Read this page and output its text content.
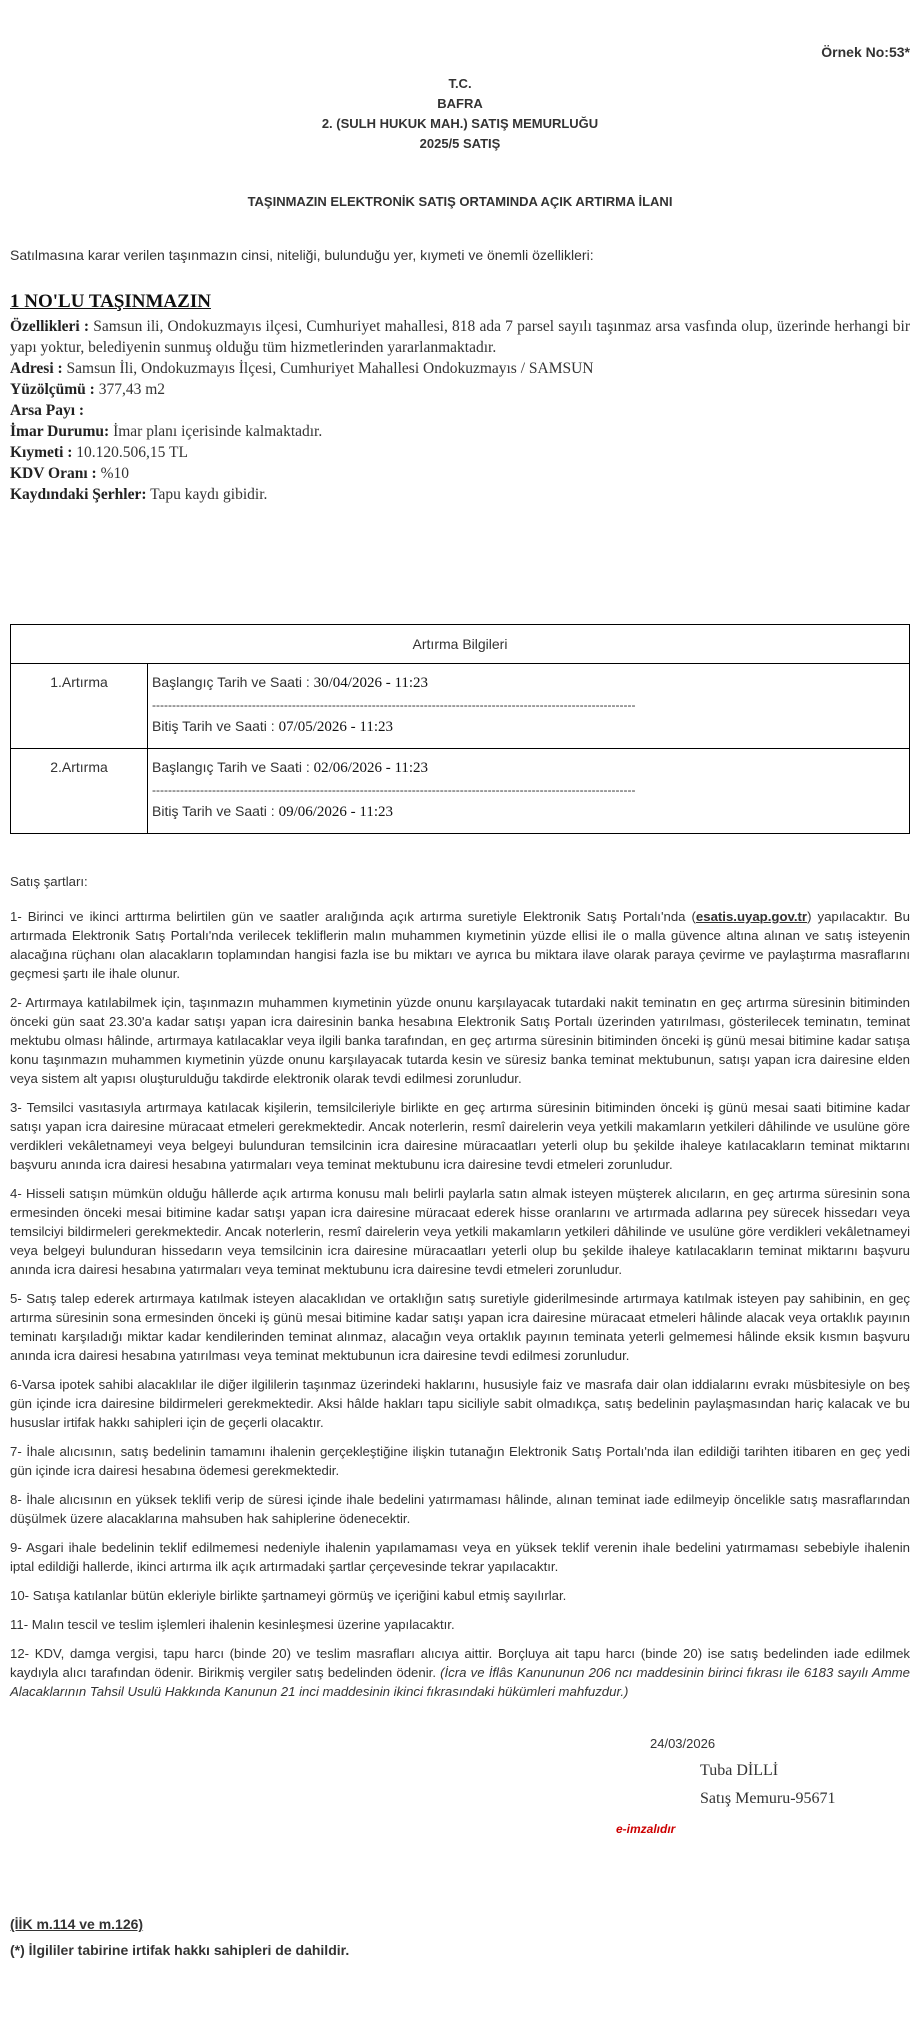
Örnek No:53*
T.C.
BAFRA
2. (SULH HUKUK MAH.) SATIŞ MEMURLUĞU
2025/5 SATIŞ
TAŞINMAZIN ELEKTRONİK SATIŞ ORTAMINDA AÇIK ARTIRMA İLANI
Satılmasına karar verilen taşınmazın cinsi, niteliği, bulunduğu yer, kıymeti ve önemli özellikleri:
1 NO'LU TAŞINMAZIN
Özellikleri : Samsun ili, Ondokuzmayıs ilçesi, Cumhuriyet mahallesi, 818 ada 7 parsel sayılı taşınmaz arsa vasfında olup, üzerinde herhangi bir yapı yoktur, belediyenin sunmuş olduğu tüm hizmetlerinden yararlanmaktadır.
Adresi : Samsun İli, Ondokuzmayıs İlçesi, Cumhuriyet Mahallesi Ondokuzmayıs / SAMSUN
Yüzölçümü : 377,43 m2
Arsa Payı :
İmar Durumu: İmar planı içerisinde kalmaktadır.
Kıymeti : 10.120.506,15 TL
KDV Oranı : %10
Kaydındaki Şerhler: Tapu kaydı gibidir.
Artırma Bilgileri	
1.Artırma	Başlangıç Tarih ve Saati : 30/04/2026 - 11:23
-------------------------------------------------------------------------------------------------------------------------
Bitiş Tarih ve Saati : 07/05/2026 - 11:23

2.Artırma	Başlangıç Tarih ve Saati : 02/06/2026 - 11:23
-------------------------------------------------------------------------------------------------------------------------
Bitiş Tarih ve Saati : 09/06/2026 - 11:23

Satış şartları:

1- Birinci ve ikinci arttırma belirtilen gün ve saatler aralığında açık artırma suretiyle Elektronik Satış Portalı'nda (esatis.uyap.gov.tr) yapılacaktır. Bu artırmada Elektronik Satış Portalı'nda verilecek tekliflerin malın muhammen kıymetinin yüzde ellisi ile o malla güvence altına alınan ve satış isteyenin alacağına rüçhanı olan alacakların toplamından hangisi fazla ise bu miktarı ve ayrıca bu miktara ilave olarak paraya çevirme ve paylaştırma masraflarını geçmesi şartı ile ihale olunur.

2- Artırmaya katılabilmek için, taşınmazın muhammen kıymetinin yüzde onunu karşılayacak tutardaki nakit teminatın en geç artırma süresinin bitiminden önceki gün saat 23.30'a kadar satışı yapan icra dairesinin banka hesabına Elektronik Satış Portalı üzerinden yatırılması, gösterilecek teminatın, teminat mektubu olması hâlinde, artırmaya katılacaklar veya ilgili banka tarafından, en geç artırma süresinin bitiminden önceki iş günü mesai bitimine kadar satışa konu taşınmazın muhammen kıymetinin yüzde onunu karşılayacak tutarda kesin ve süresiz banka teminat mektubunun, satışı yapan icra dairesine elden veya sistem alt yapısı oluşturulduğu takdirde elektronik olarak tevdi edilmesi zorunludur.

3- Temsilci vasıtasıyla artırmaya katılacak kişilerin, temsilcileriyle birlikte en geç artırma süresinin bitiminden önceki iş günü mesai saati bitimine kadar satışı yapan icra dairesine müracaat etmeleri gerekmektedir. Ancak noterlerin, resmî dairelerin veya yetkili makamların yetkileri dâhilinde ve usulüne göre verdikleri vekâletnameyi veya belgeyi bulunduran temsilcinin icra dairesine müracaatları yeterli olup bu şekilde ihaleye katılacakların teminat miktarını başvuru anında icra dairesi hesabına yatırmaları veya teminat mektubunu icra dairesine tevdi etmeleri zorunludur.

4- Hisseli satışın mümkün olduğu hâllerde açık artırma konusu malı belirli paylarla satın almak isteyen müşterek alıcıların, en geç artırma süresinin sona ermesinden önceki mesai bitimine kadar satışı yapan icra dairesine müracaat ederek hisse oranlarını ve artırmada adlarına pey sürecek hissedarı veya temsilciyi bildirmeleri gerekmektedir. Ancak noterlerin, resmî dairelerin veya yetkili makamların yetkileri dâhilinde ve usulüne göre verdikleri vekâletnameyi veya belgeyi bulunduran hissedarın veya temsilcinin icra dairesine müracaatları yeterli olup bu şekilde ihaleye katılacakların teminat miktarını başvuru anında icra dairesi hesabına yatırmaları veya teminat mektubunu icra dairesine tevdi etmeleri zorunludur.

5- Satış talep ederek artırmaya katılmak isteyen alacaklıdan ve ortaklığın satış suretiyle giderilmesinde artırmaya katılmak isteyen pay sahibinin, en geç artırma süresinin sona ermesinden önceki iş günü mesai bitimine kadar satışı yapan icra dairesine müracaat etmeleri hâlinde alacak veya ortaklık payının teminatı karşıladığı miktar kadar kendilerinden teminat alınmaz, alacağın veya ortaklık payının teminata yeterli gelmemesi hâlinde eksik kısmın başvuru anında icra dairesi hesabına yatırılması veya teminat mektubunun icra dairesine tevdi edilmesi zorunludur.

6-Varsa ipotek sahibi alacaklılar ile diğer ilgililerin taşınmaz üzerindeki haklarını, hususiyle faiz ve masrafa dair olan iddialarını evrakı müsbitesiyle on beş gün içinde icra dairesine bildirmeleri gerekmektedir. Aksi hâlde hakları tapu siciliyle sabit olmadıkça, satış bedelinin paylaşmasından hariç kalacak ve bu hususlar irtifak hakkı sahipleri için de geçerli olacaktır.

7- İhale alıcısının, satış bedelinin tamamını ihalenin gerçekleştiğine ilişkin tutanağın Elektronik Satış Portalı'nda ilan edildiği tarihten itibaren en geç yedi gün içinde icra dairesi hesabına ödemesi gerekmektedir.

8- İhale alıcısının en yüksek teklifi verip de süresi içinde ihale bedelini yatırmaması hâlinde, alınan teminat iade edilmeyip öncelikle satış masraflarından düşülmek üzere alacaklarına mahsuben hak sahiplerine ödenecektir.

9- Asgari ihale bedelinin teklif edilmemesi nedeniyle ihalenin yapılamaması veya en yüksek teklif verenin ihale bedelini yatırmaması sebebiyle ihalenin iptal edildiği hallerde, ikinci artırma ilk açık artırmadaki şartlar çerçevesinde tekrar yapılacaktır.

10- Satışa katılanlar bütün ekleriyle birlikte şartnameyi görmüş ve içeriğini kabul etmiş sayılırlar.

11- Malın tescil ve teslim işlemleri ihalenin kesinleşmesi üzerine yapılacaktır.

12- KDV, damga vergisi, tapu harcı (binde 20) ve teslim masrafları alıcıya aittir. Borçluya ait tapu harcı (binde 20) ise satış bedelinden iade edilmek kaydıyla alıcı tarafından ödenir. Birikmiş vergiler satış bedelinden ödenir. (İcra ve İflâs Kanununun 206 ncı maddesinin birinci fıkrası ile 6183 sayılı Amme Alacaklarının Tahsil Usulü Hakkında Kanunun 21 inci maddesinin ikinci fıkrasındaki hükümleri mahfuzdur.)

24/03/2026
Tuba DİLLİ
Satış Memuru-95671
e-imzalıdır
(İİK m.114 ve m.126)
(*) İlgililer tabirine irtifak hakkı sahipleri de dahildir.
